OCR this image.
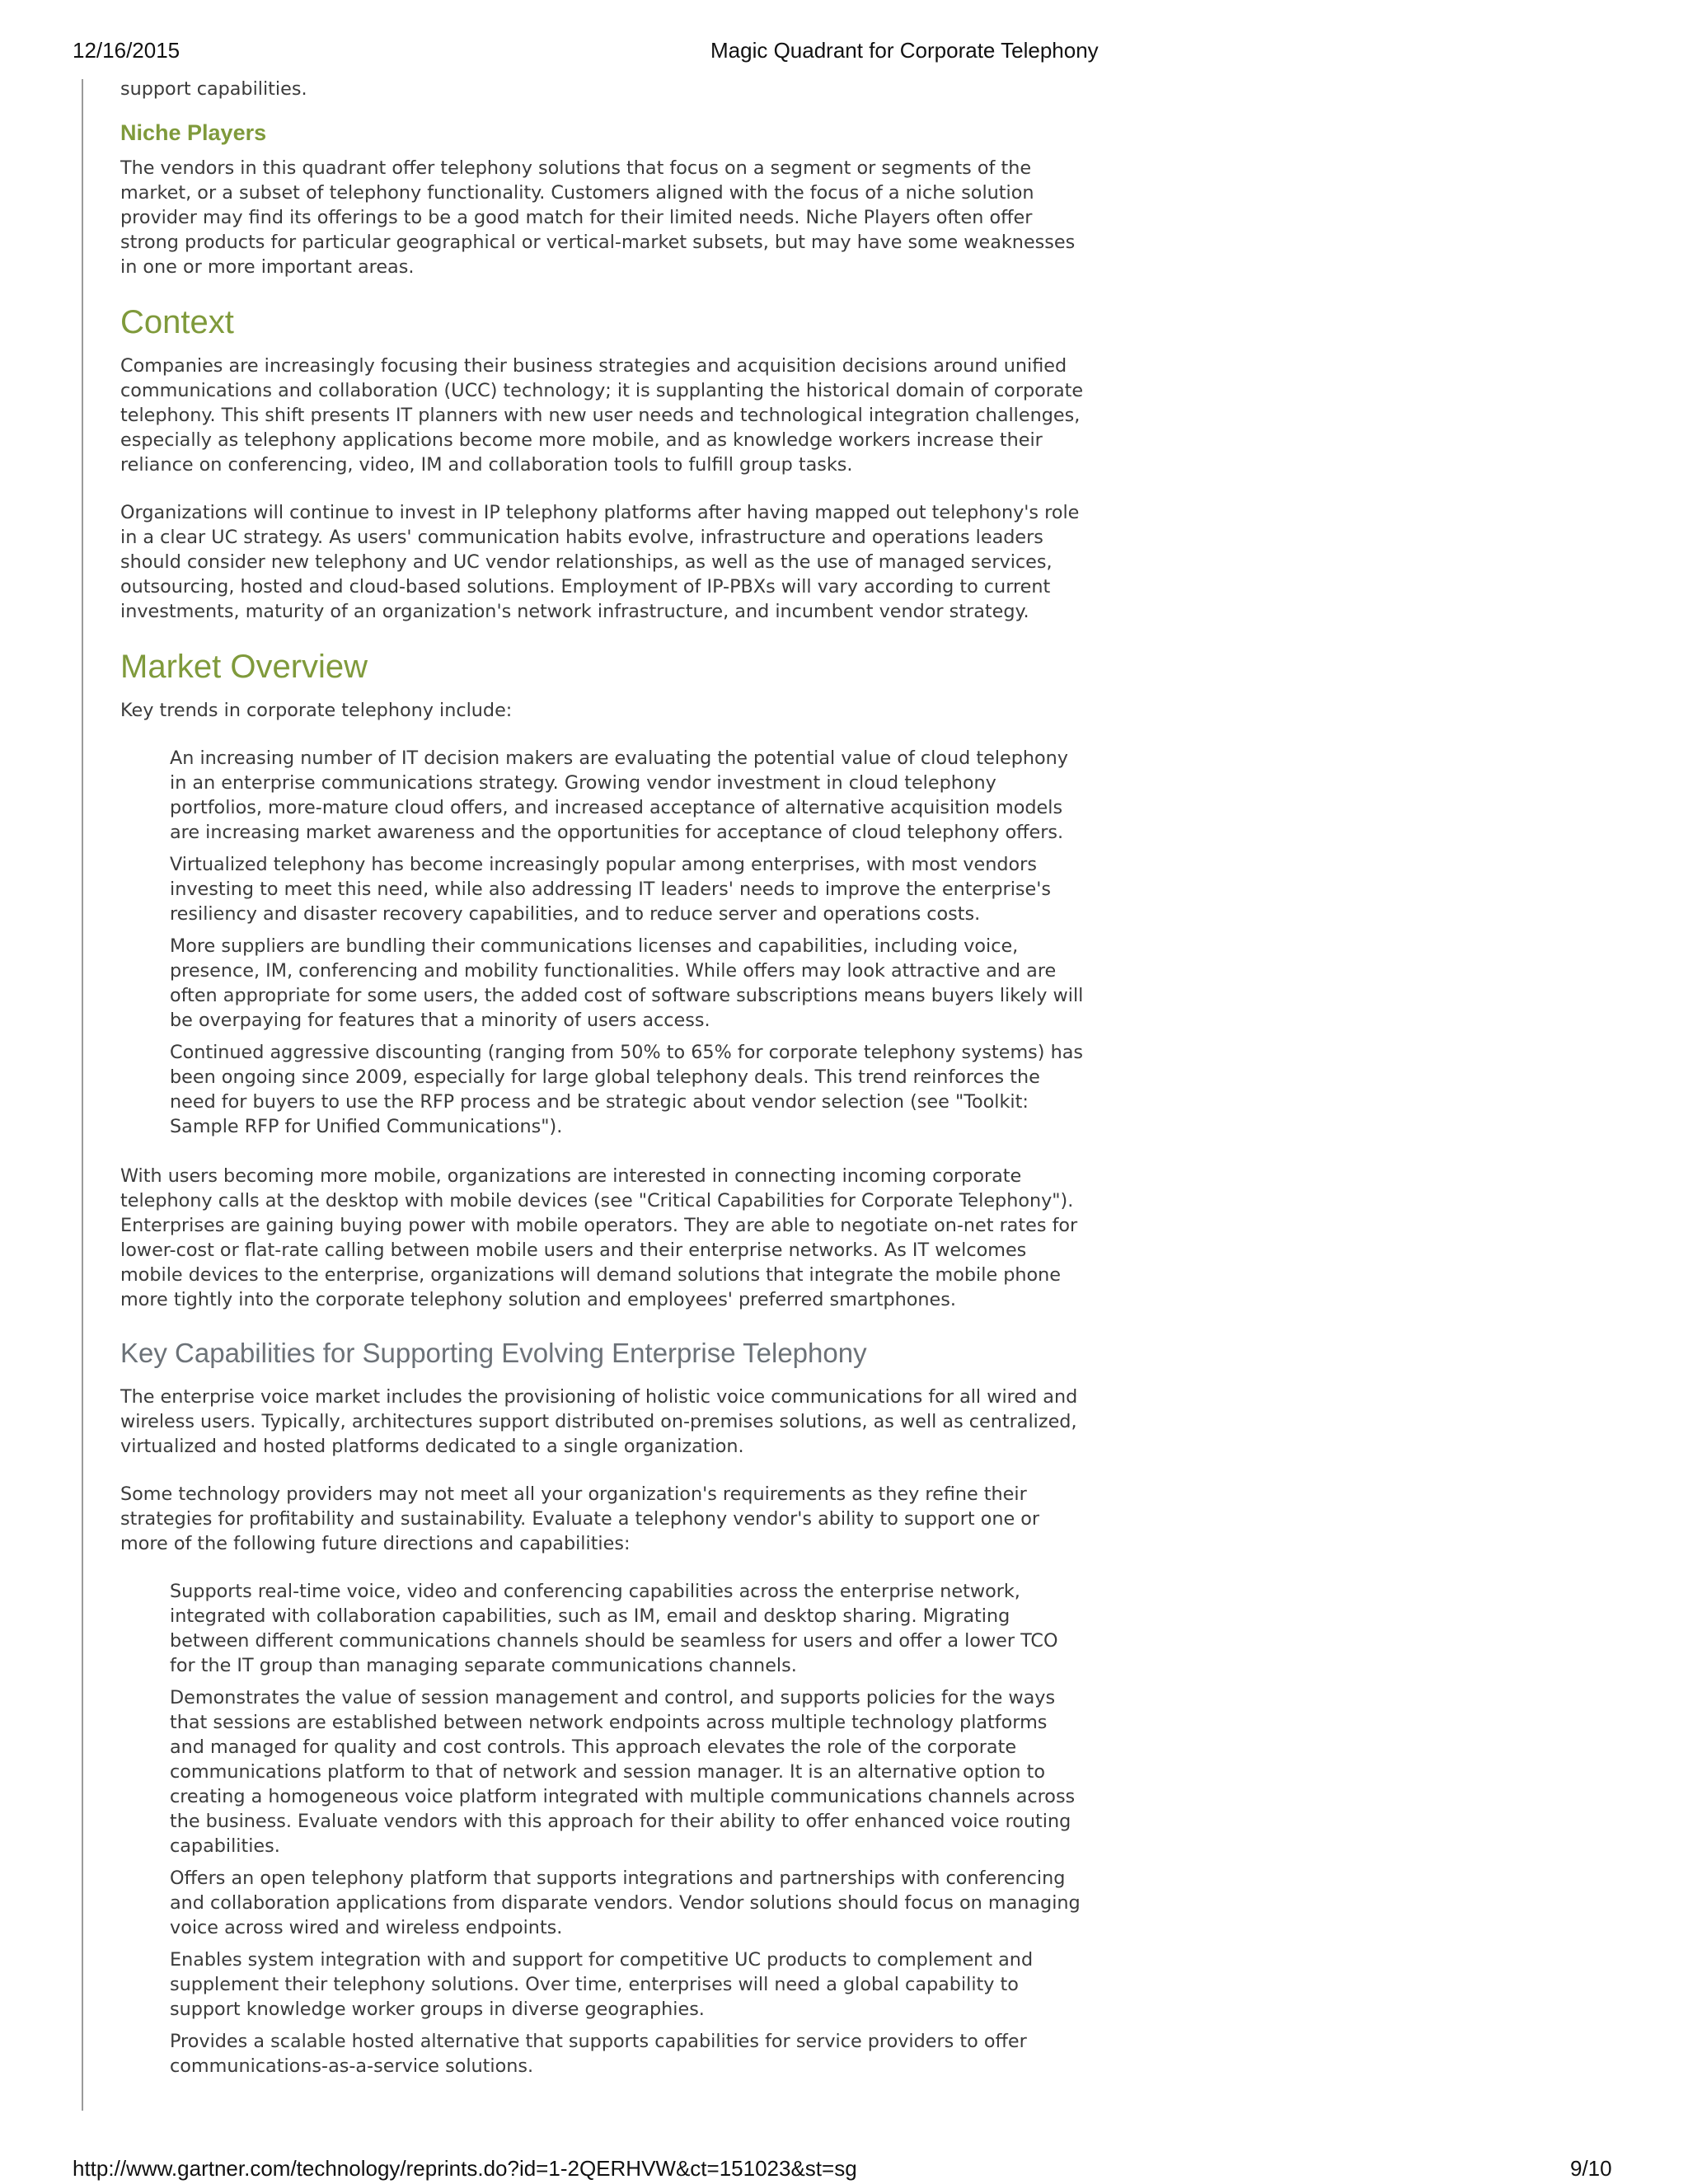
12/16/2015	Magic Quadrant for Corporate Telephony

support capabilities.

Niche Players

The vendors in this quadrant offer telephony solutions that focus on a segment or segments of the market, or a subset of telephony functionality. Customers aligned with the focus of a niche solution provider may find its offerings to be a good match for their limited needs. Niche Players often offer strong products for particular geographical or vertical-market subsets, but may have some weaknesses in one or more important areas.

Context

Companies are increasingly focusing their business strategies and acquisition decisions around unified communications and collaboration (UCC) technology; it is supplanting the historical domain of corporate telephony. This shift presents IT planners with new user needs and technological integration challenges, especially as telephony applications become more mobile, and as knowledge workers increase their reliance on conferencing, video, IM and collaboration tools to fulfill group tasks.

Organizations will continue to invest in IP telephony platforms after having mapped out telephony's role in a clear UC strategy. As users' communication habits evolve, infrastructure and operations leaders should consider new telephony and UC vendor relationships, as well as the use of managed services, outsourcing, hosted and cloud-based solutions. Employment of IP-PBXs will vary according to current investments, maturity of an organization's network infrastructure, and incumbent vendor strategy.

Market Overview

Key trends in corporate telephony include:

An increasing number of IT decision makers are evaluating the potential value of cloud telephony in an enterprise communications strategy. Growing vendor investment in cloud telephony portfolios, more-mature cloud offers, and increased acceptance of alternative acquisition models are increasing market awareness and the opportunities for acceptance of cloud telephony offers.
Virtualized telephony has become increasingly popular among enterprises, with most vendors investing to meet this need, while also addressing IT leaders' needs to improve the enterprise's resiliency and disaster recovery capabilities, and to reduce server and operations costs.
More suppliers are bundling their communications licenses and capabilities, including voice, presence, IM, conferencing and mobility functionalities. While offers may look attractive and are often appropriate for some users, the added cost of software subscriptions means buyers likely will be overpaying for features that a minority of users access.
Continued aggressive discounting (ranging from 50% to 65% for corporate telephony systems) has been ongoing since 2009, especially for large global telephony deals. This trend reinforces the need for buyers to use the RFP process and be strategic about vendor selection (see "Toolkit: Sample RFP for Unified Communications").

With users becoming more mobile, organizations are interested in connecting incoming corporate telephony calls at the desktop with mobile devices (see "Critical Capabilities for Corporate Telephony"). Enterprises are gaining buying power with mobile operators. They are able to negotiate on-net rates for lower-cost or flat-rate calling between mobile users and their enterprise networks. As IT welcomes mobile devices to the enterprise, organizations will demand solutions that integrate the mobile phone more tightly into the corporate telephony solution and employees' preferred smartphones.

Key Capabilities for Supporting Evolving Enterprise Telephony

The enterprise voice market includes the provisioning of holistic voice communications for all wired and wireless users. Typically, architectures support distributed on-premises solutions, as well as centralized, virtualized and hosted platforms dedicated to a single organization.

Some technology providers may not meet all your organization's requirements as they refine their strategies for profitability and sustainability. Evaluate a telephony vendor's ability to support one or more of the following future directions and capabilities:

Supports real-time voice, video and conferencing capabilities across the enterprise network, integrated with collaboration capabilities, such as IM, email and desktop sharing. Migrating between different communications channels should be seamless for users and offer a lower TCO for the IT group than managing separate communications channels.
Demonstrates the value of session management and control, and supports policies for the ways that sessions are established between network endpoints across multiple technology platforms and managed for quality and cost controls. This approach elevates the role of the corporate communications platform to that of network and session manager. It is an alternative option to creating a homogeneous voice platform integrated with multiple communications channels across the business. Evaluate vendors with this approach for their ability to offer enhanced voice routing capabilities.
Offers an open telephony platform that supports integrations and partnerships with conferencing and collaboration applications from disparate vendors. Vendor solutions should focus on managing voice across wired and wireless endpoints.
Enables system integration with and support for competitive UC products to complement and supplement their telephony solutions. Over time, enterprises will need a global capability to support knowledge worker groups in diverse geographies.
Provides a scalable hosted alternative that supports capabilities for service providers to offer communications-as-a-service solutions.
http://www.gartner.com/technology/reprints.do?id=1-2QERHVW&ct=151023&st=sg	9/10
